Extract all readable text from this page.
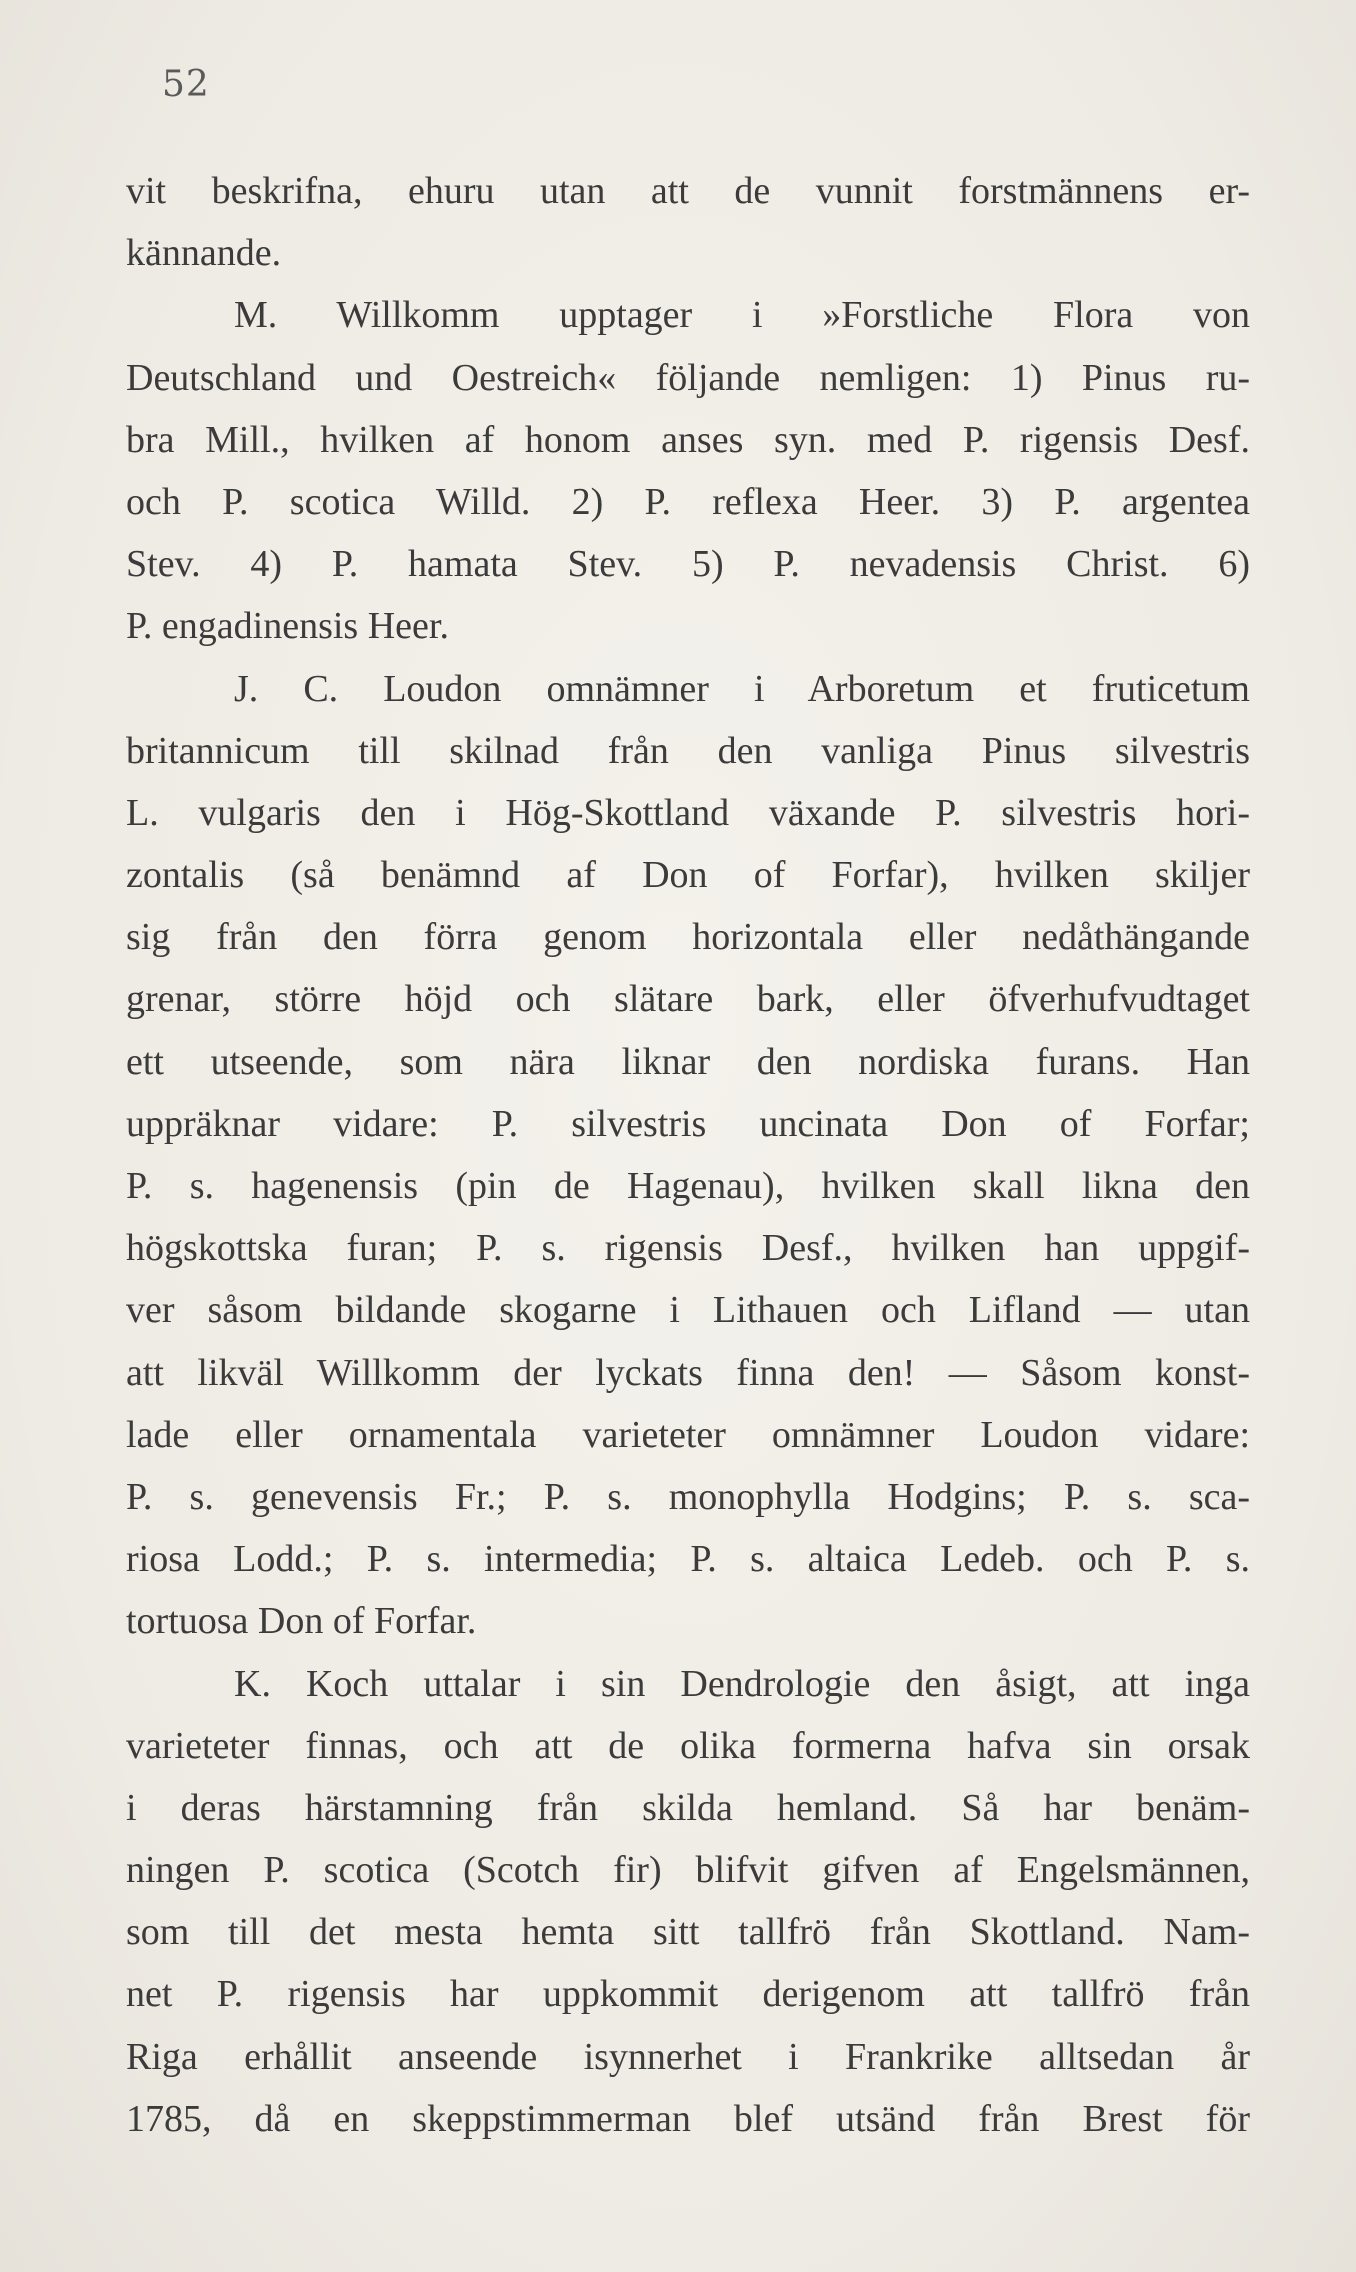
52
vit beskrifna, ehuru utan att de vunnit forstmännens er-
kännande.
M. Willkomm upptager i »Forstliche Flora von
Deutschland und Oestreich« följande nemligen: 1) Pinus ru-
bra Mill., hvilken af honom anses syn. med P. rigensis Desf.
och P. scotica Willd. 2) P. reflexa Heer. 3) P. argentea
Stev. 4) P. hamata Stev. 5) P. nevadensis Christ. 6)
P. engadinensis Heer.
J. C. Loudon omnämner i Arboretum et fruticetum
britannicum till skilnad från den vanliga Pinus silvestris
L. vulgaris den i Hög-Skottland växande P. silvestris hori-
zontalis (så benämnd af Don of Forfar), hvilken skiljer
sig från den förra genom horizontala eller nedåthängande
grenar, större höjd och slätare bark, eller öfverhufvudtaget
ett utseende, som nära liknar den nordiska furans. Han
uppräknar vidare: P. silvestris uncinata Don of Forfar;
P. s. hagenensis (pin de Hagenau), hvilken skall likna den
högskottska furan; P. s. rigensis Desf., hvilken han uppgif-
ver såsom bildande skogarne i Lithauen och Lifland — utan
att likväl Willkomm der lyckats finna den! — Såsom konst-
lade eller ornamentala varieteter omnämner Loudon vidare:
P. s. genevensis Fr.; P. s. monophylla Hodgins; P. s. sca-
riosa Lodd.; P. s. intermedia; P. s. altaica Ledeb. och P. s.
tortuosa Don of Forfar.
K. Koch uttalar i sin Dendrologie den åsigt, att inga
varieteter finnas, och att de olika formerna hafva sin orsak
i deras härstamning från skilda hemland. Så har benäm-
ningen P. scotica (Scotch fir) blifvit gifven af Engelsmännen,
som till det mesta hemta sitt tallfrö från Skottland. Nam-
net P. rigensis har uppkommit derigenom att tallfrö från
Riga erhållit anseende isynnerhet i Frankrike alltsedan år
1785, då en skeppstimmerman blef utsänd från Brest för
